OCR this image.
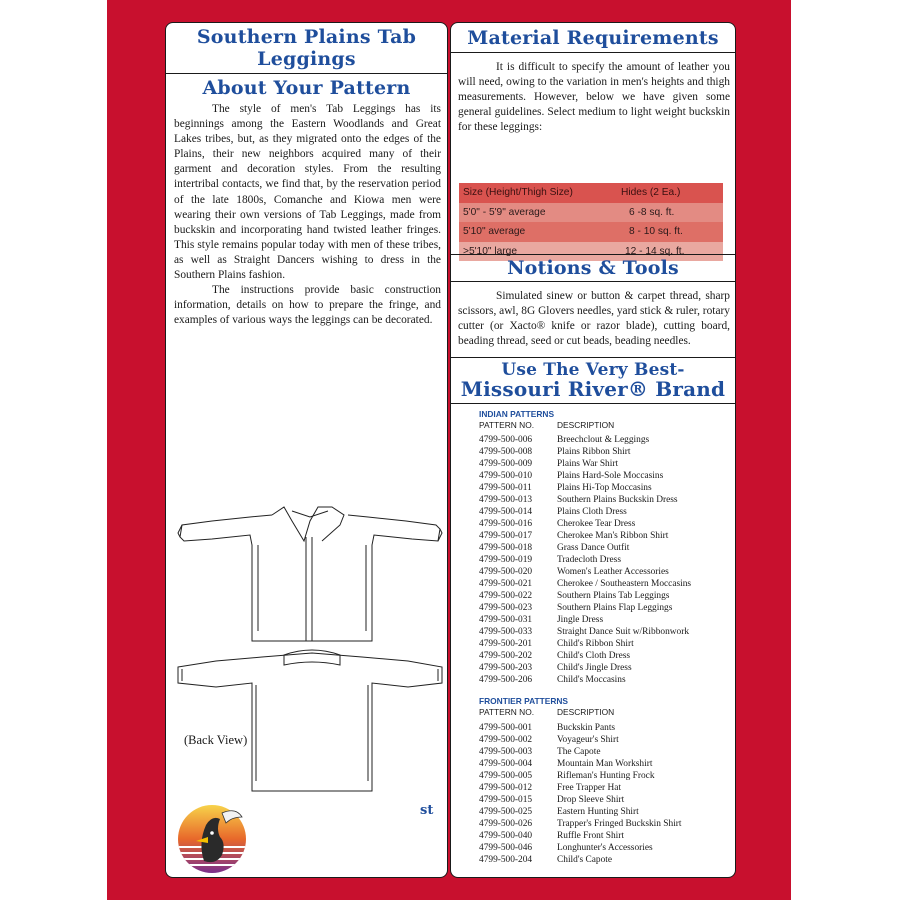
Southern Plains Tab
Leggings
About Your Pattern

The style of men's Tab Leggings has its beginnings among the Eastern Woodlands and Great Lakes tribes, but, as they migrated onto the edges of the Plains, their new neighbors acquired many of their garment and decoration styles. From the resulting intertribal contacts, we find that, by the reservation period of the late 1800s, Comanche and Kiowa men were wearing their own versions of Tab Leggings, made from buckskin and incorporating hand twisted leather fringes. This style remains popular today with men of these tribes, as well as Straight Dancers wishing to dress in the Southern Plains fashion.

The instructions provide basic construction information, details on how to prepare the fringe, and examples of various ways the leggings can be decorated.

(Back View)
st
Material Requirements

It is difficult to specify the amount of leather you will need, owing to the variation in men's heights and thigh measurements. However, below we have given some general guidelines. Select medium to light weight buckskin for these leggings:

Size (Height/Thigh Size)	Hides (2 Ea.)
5'0" - 5'9" average	6 -8 sq. ft.
5'10" average	8 - 10 sq. ft.
>5'10" large	12 - 14 sq. ft.
Notions & Tools

Simulated sinew or button & carpet thread, sharp scissors, awl, 8G Glovers needles, yard stick & ruler, rotary cutter (or Xacto® knife or razor blade), cutting board, beading thread, seed or cut beads, beading needles.

Use The Very Best-
Missouri River® Brand
INDIAN PATTERNS
PATTERN NO.	DESCRIPTION
4799-500-006	Breechclout & Leggings
4799-500-008	Plains Ribbon Shirt
4799-500-009	Plains War Shirt
4799-500-010	Plains Hard-Sole Moccasins
4799-500-011	Plains Hi-Top Moccasins
4799-500-013	Southern Plains Buckskin Dress
4799-500-014	Plains Cloth Dress
4799-500-016	Cherokee Tear Dress
4799-500-017	Cherokee Man's Ribbon Shirt
4799-500-018	Grass Dance Outfit
4799-500-019	Tradecloth Dress
4799-500-020	Women's Leather Accessories
4799-500-021	Cherokee / Southeastern Moccasins
4799-500-022	Southern Plains Tab Leggings
4799-500-023	Southern Plains Flap Leggings
4799-500-031	Jingle Dress
4799-500-033	Straight Dance Suit w/Ribbonwork
4799-500-201	Child's Ribbon Shirt
4799-500-202	Child's Cloth Dress
4799-500-203	Child's Jingle Dress
4799-500-206	Child's Moccasins
FRONTIER PATTERNS
PATTERN NO.	DESCRIPTION
4799-500-001	Buckskin Pants
4799-500-002	Voyageur's Shirt
4799-500-003	The Capote
4799-500-004	Mountain Man Workshirt
4799-500-005	Rifleman's Hunting Frock
4799-500-012	Free Trapper Hat
4799-500-015	Drop Sleeve Shirt
4799-500-025	Eastern Hunting Shirt
4799-500-026	Trapper's Fringed Buckskin Shirt
4799-500-040	Ruffle Front Shirt
4799-500-046	Longhunter's Accessories
4799-500-204	Child's Capote
